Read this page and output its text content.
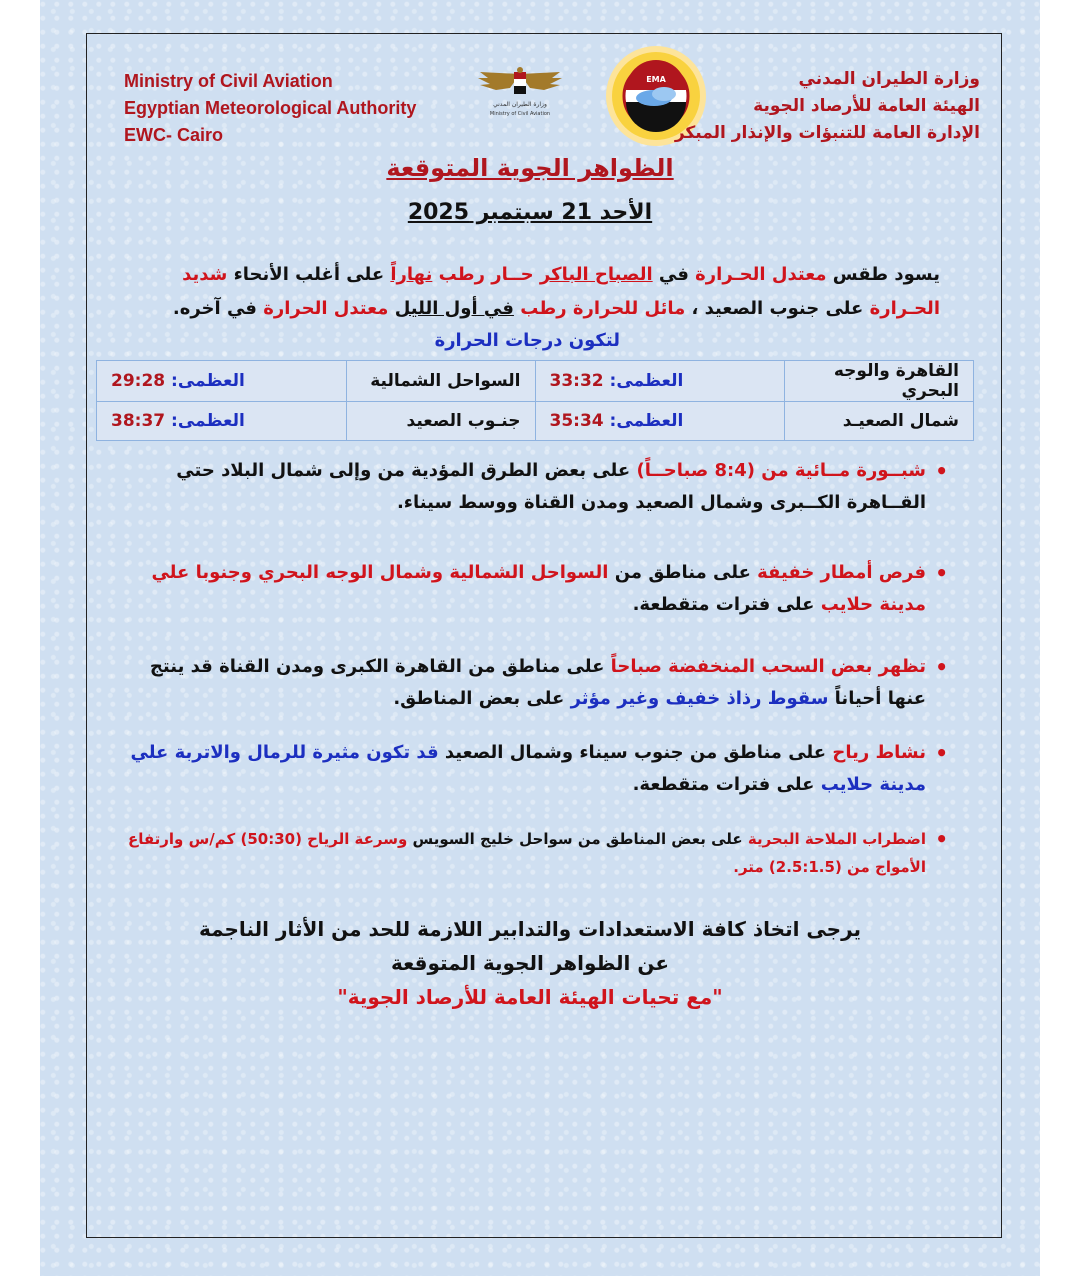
Ministry of Civil Aviation
Egyptian Meteorological Authority
EWC- Cairo
وزارة الطيران المدني
Ministry of Civil Aviation
EMA	وزارة الطيران المدني
الهيئة العامة للأرصاد الجوية
الإدارة العامة للتنبؤات والإنذار المبكر
الظواهر الجوية المتوقعة
الأحد 21 سبتمبر 2025
يسود طقس معتدل الحـرارة في الصباح الباكر حــار رطب نهاراً على أغلب الأنحاء شديد الحـرارة على جنوب الصعيد ، مائل للحرارة رطب في أول الليل معتدل الحرارة في آخره.
لتكون درجات الحرارة
القاهرة والوجه البحري	العظمى: 33:32	السواحل الشمالية	العظمى: 29:28
شمال الصعيـد	العظمى: 35:34	جنـوب الصعيد	العظمى: 38:37
• شبــورة مــائية من (8:4 صباحــاً) على بعض الطرق المؤدية من وإلى شمال البلاد حتي القــاهرة الكــبرى وشمال الصعيد ومدن القناة ووسط سيناء.
• فرص أمطار خفيفة على مناطق من السواحل الشمالية وشمال الوجه البحري وجنوبا علي مدينة حلايب على فترات متقطعة.
• تظهر بعض السحب المنخفضة صباحاً على مناطق من القاهرة الكبرى ومدن القناة قد ينتج عنها أحياناً سقوط رذاذ خفيف وغير مؤثر على بعض المناطق.
• نشاط رياح على مناطق من جنوب سيناء وشمال الصعيد قد تكون مثيرة للرمال والاتربة علي مدينة حلايب على فترات متقطعة.
• اضطراب الملاحة البحرية على بعض المناطق من سواحل خليج السويس وسرعة الرياح (50:30) كم/س وارتفاع الأمواج من (2.5:1.5) متر.
يرجى اتخاذ كافة الاستعدادات والتدابير اللازمة للحد من الأثار الناجمة
عن الظواهر الجوية المتوقعة
"مع تحيات الهيئة العامة للأرصاد الجوية"
